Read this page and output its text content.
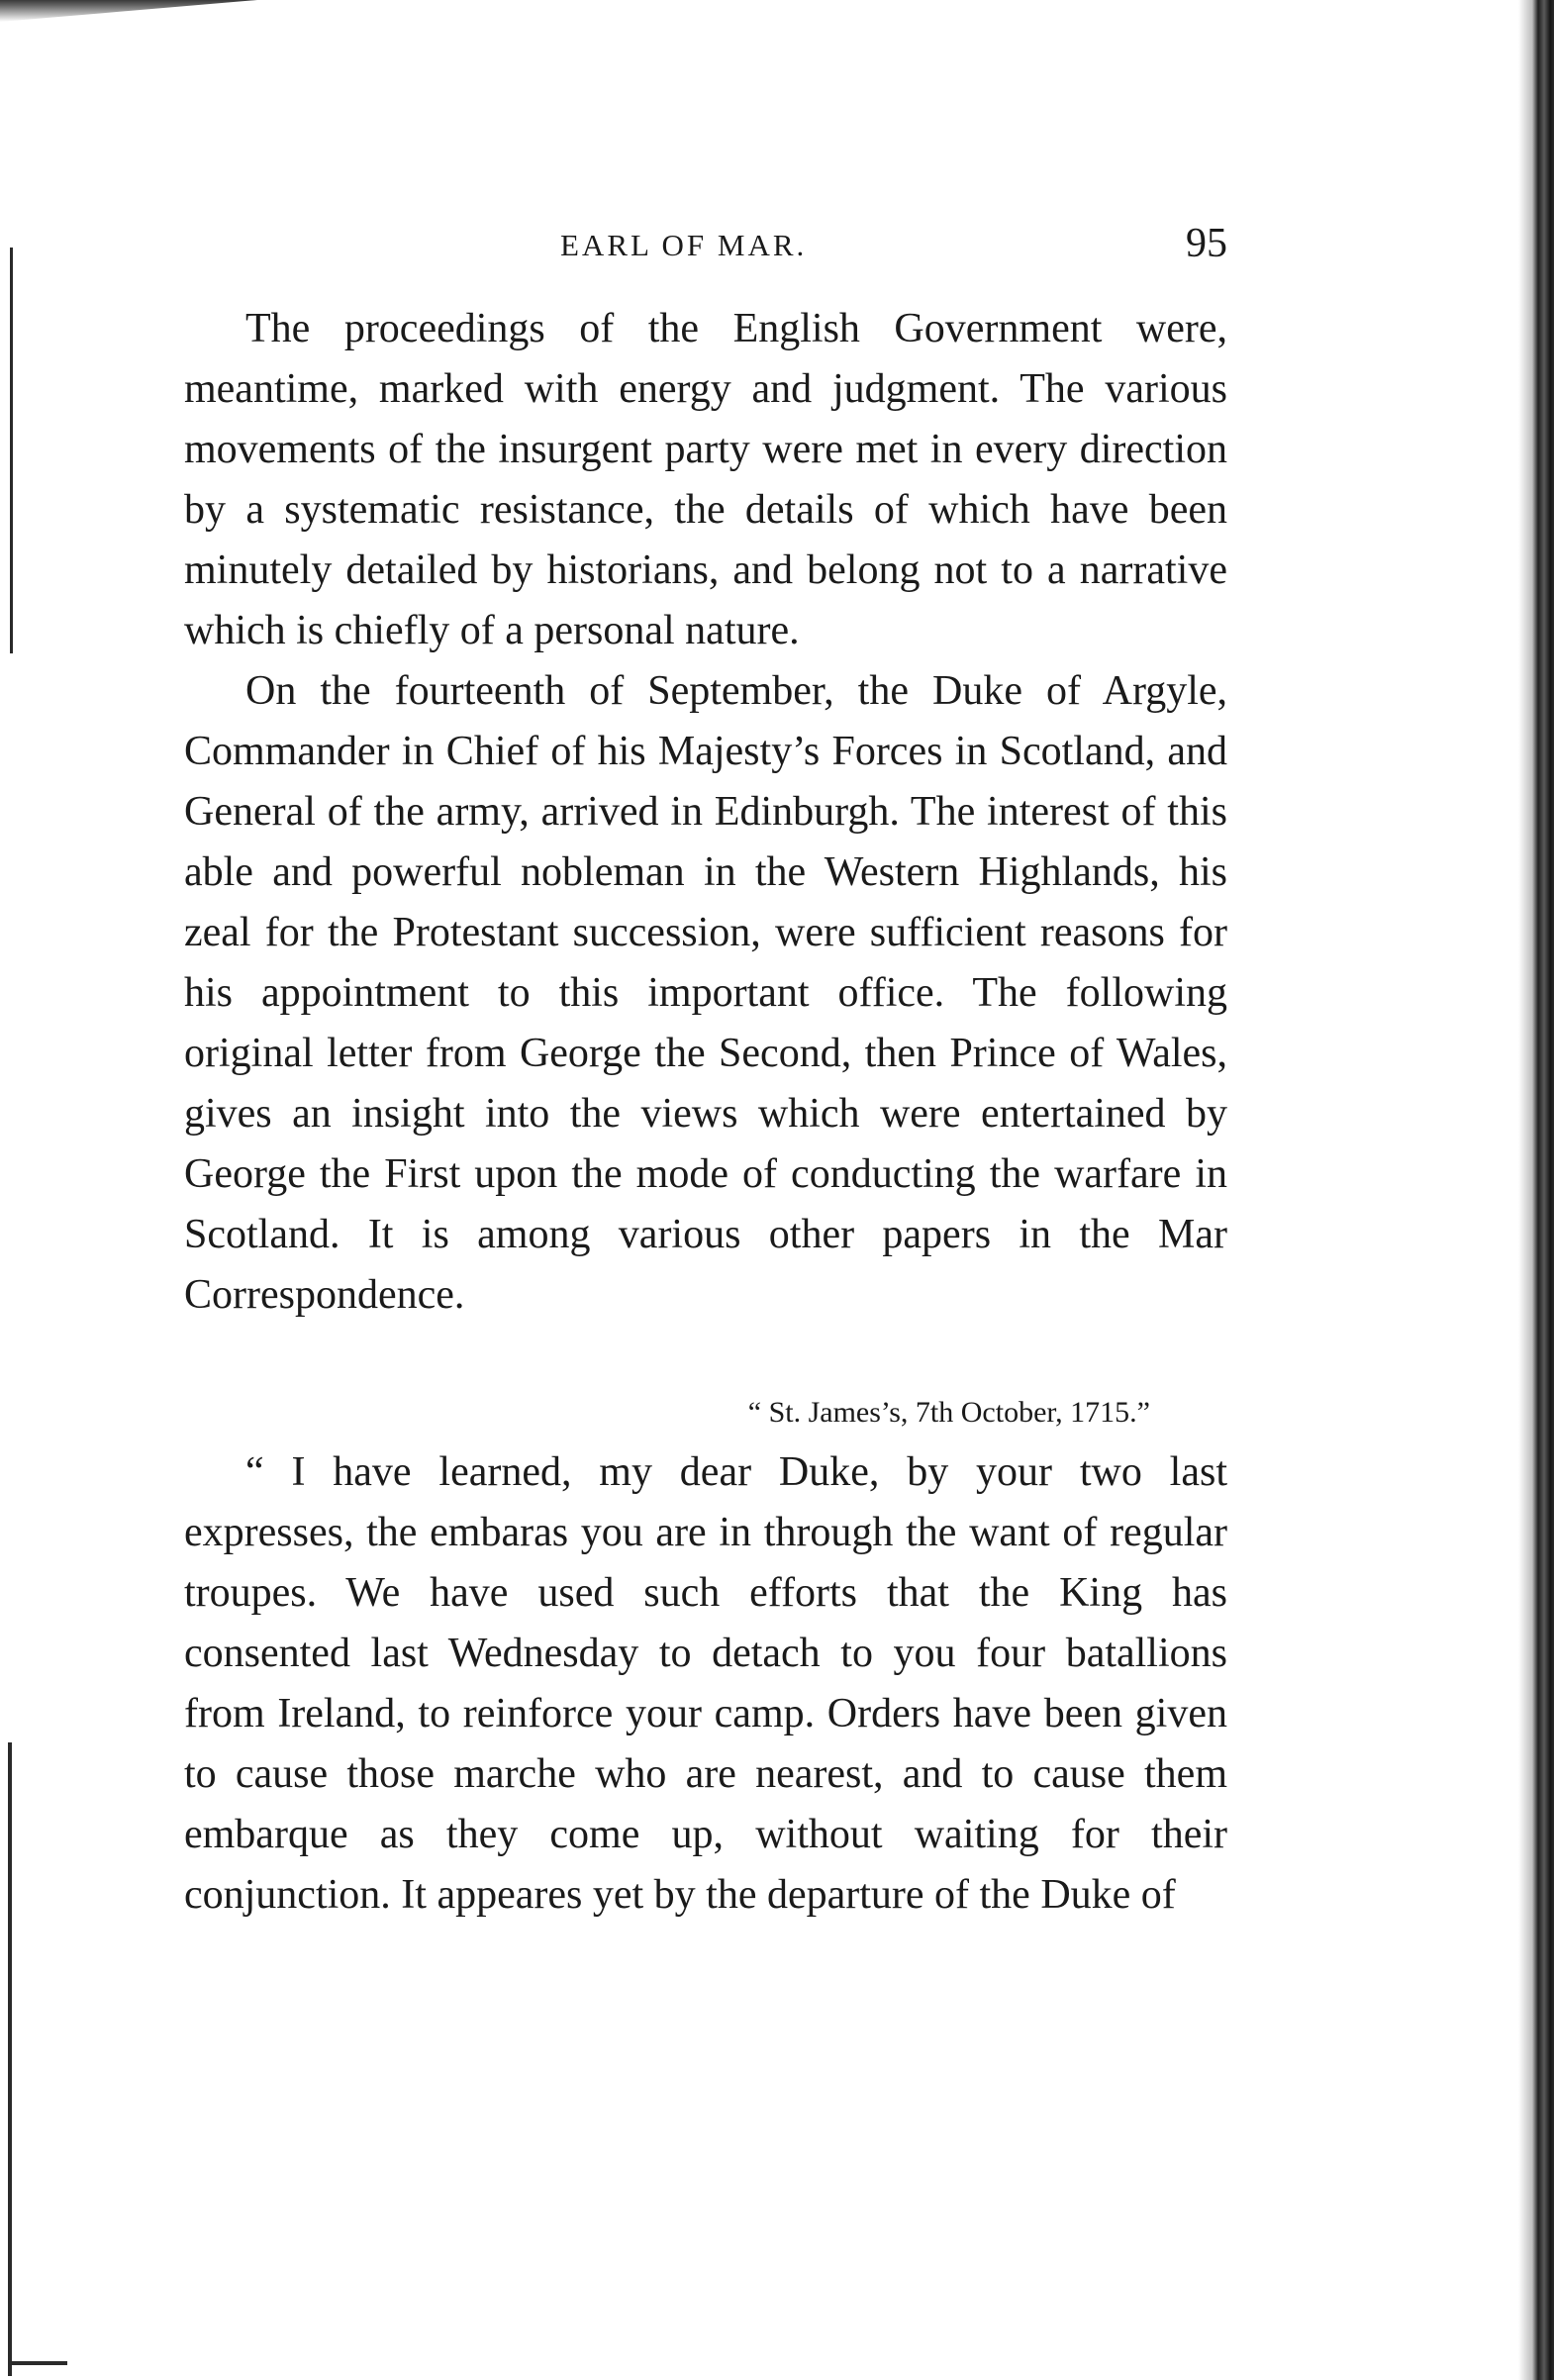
EARL OF MAR.	95

The proceedings of the English Government were, meantime, marked with energy and judgment. The various movements of the insurgent party were met in every direction by a systematic resistance, the details of which have been minutely detailed by historians, and belong not to a narrative which is chiefly of a personal nature.

On the fourteenth of September, the Duke of Argyle, Commander in Chief of his Majesty’s Forces in Scotland, and General of the army, arrived in Edinburgh. The interest of this able and powerful nobleman in the Western Highlands, his zeal for the Protestant succession, were sufficient reasons for his appointment to this important office. The following original letter from George the Second, then Prince of Wales, gives an insight into the views which were entertained by George the First upon the mode of conducting the warfare in Scotland. It is among various other papers in the Mar Correspondence.

“ St. James’s, 7th October, 1715.”

“ I have learned, my dear Duke, by your two last expresses, the embaras you are in through the want of regular troupes. We have used such efforts that the King has consented last Wednesday to detach to you four batallions from Ireland, to reinforce your camp. Orders have been given to cause those marche who are nearest, and to cause them embarque as they come up, without waiting for their conjunction. It appeares yet by the departure of the Duke of
